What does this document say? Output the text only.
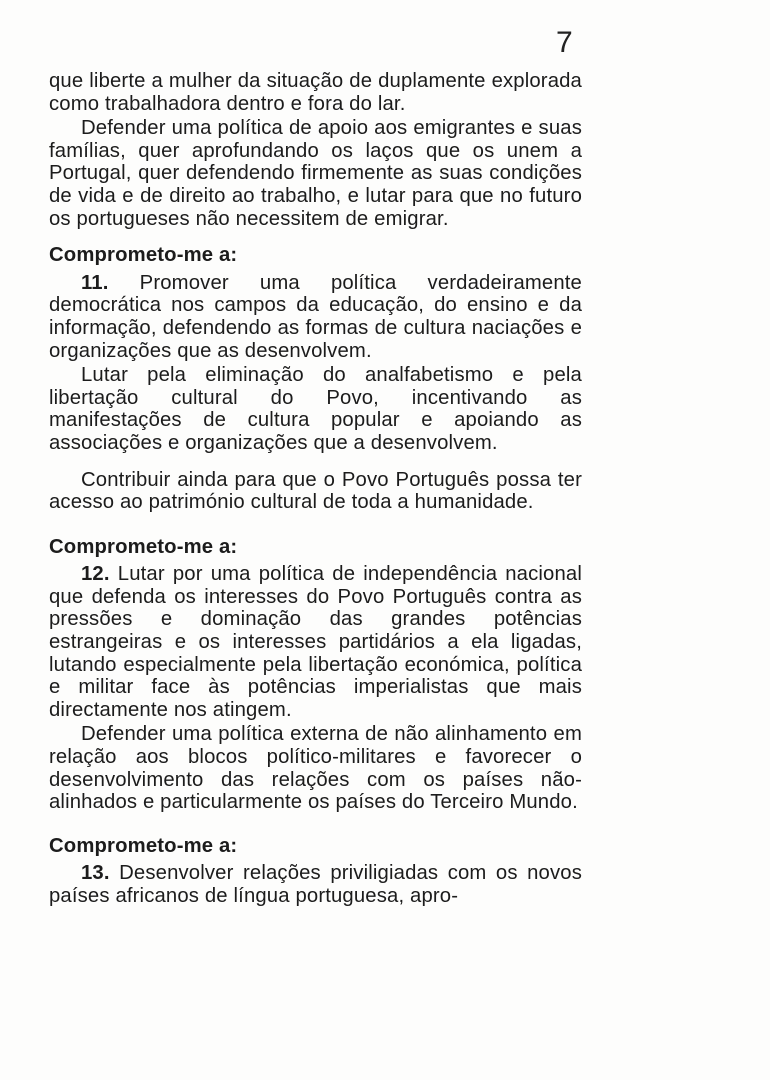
7

que liberte a mulher da situação de duplamente explorada como trabalhadora dentro e fora do lar.

Defender uma política de apoio aos emigrantes e suas famílias, quer aprofundando os laços que os unem a Portugal, quer defendendo firmemente as suas condições de vida e de direito ao trabalho, e lutar para que no futuro os portugueses não necessitem de emigrar.

Comprometo-me a:

11. Promover uma política verdadeiramente democrática nos campos da educação, do ensino e da informação, defendendo as formas de cultura naciações e organizações que as desenvolvem.

Lutar pela eliminação do analfabetismo e pela libertação cultural do Povo, incentivando as manifestações de cultura popular e apoiando as associações e organizações que a desenvolvem.

Contribuir ainda para que o Povo Português possa ter acesso ao património cultural de toda a humanidade.

Comprometo-me a:

12. Lutar por uma política de independência nacional que defenda os interesses do Povo Português contra as pressões e dominação das grandes potências estrangeiras e os interesses partidários a ela ligadas, lutando especialmente pela libertação económica, política e militar face às potências imperialistas que mais directamente nos atingem.

Defender uma política externa de não alinhamento em relação aos blocos político-militares e favorecer o desenvolvimento das relações com os países não-alinhados e particularmente os países do Terceiro Mundo.

Comprometo-me a:

13. Desenvolver relações priviligiadas com os novos países africanos de língua portuguesa, apro-
